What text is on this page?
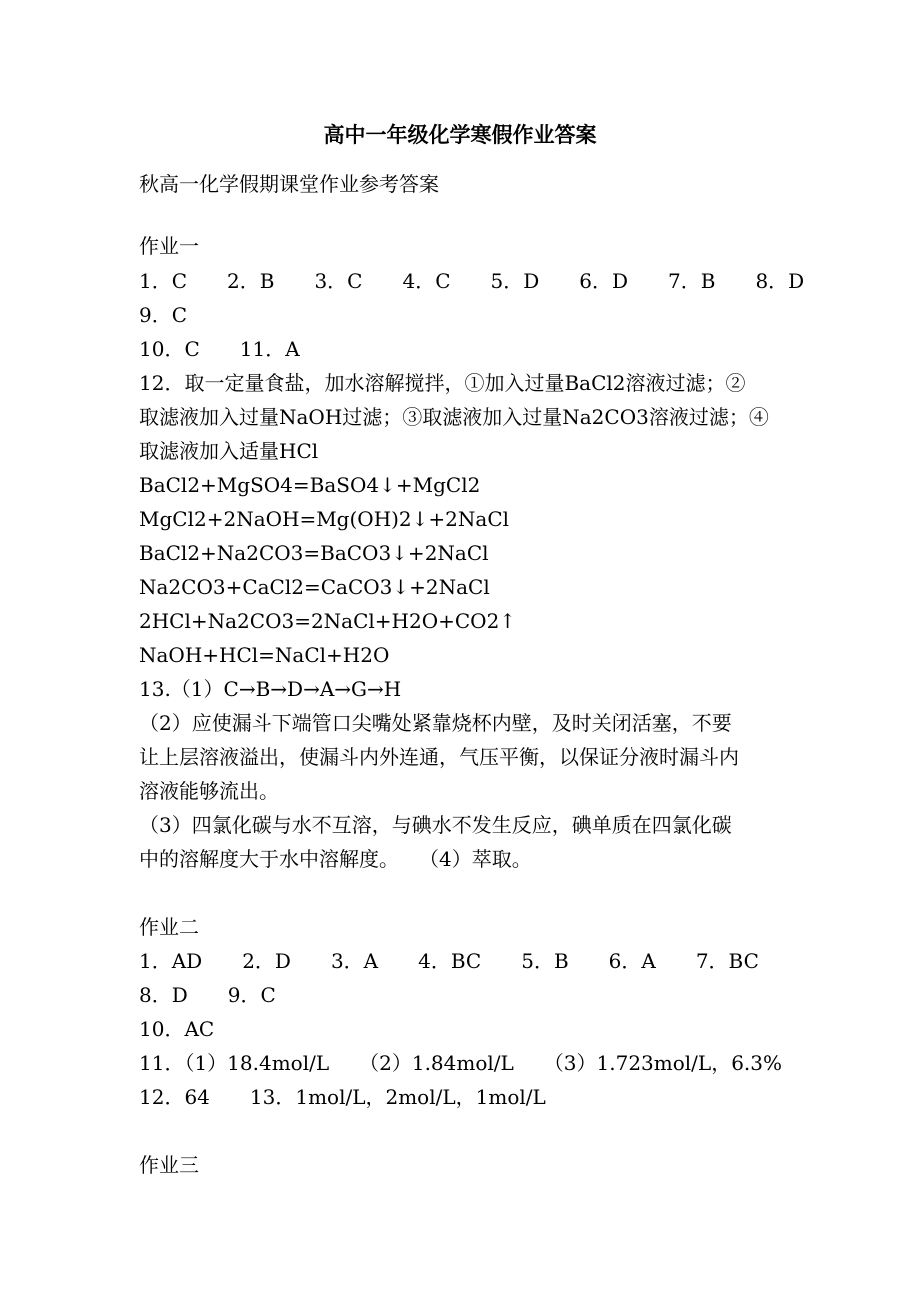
高中一年级化学寒假作业答案
秋高一化学假期课堂作业参考答案
作业一
1．C　　2．B　　3．C　　4．C　　5．D　　6．D　　7．B　　8．D
9．C
10．C　　11．A
12．取一定量食盐，加水溶解搅拌，①加入过量BaCl2溶液过滤；②
取滤液加入过量NaOH过滤；③取滤液加入过量Na2CO3溶液过滤；④
取滤液加入适量HCl
BaCl2+MgSO4=BaSO4↓+MgCl2
MgCl2+2NaOH=Mg(OH)2↓+2NaCl
BaCl2+Na2CO3=BaCO3↓+2NaCl
Na2CO3+CaCl2=CaCO3↓+2NaCl
2HCl+Na2CO3=2NaCl+H2O+CO2↑
NaOH+HCl=NaCl+H2O
13.（1）C→B→D→A→G→H
（2）应使漏斗下端管口尖嘴处紧靠烧杯内壁，及时关闭活塞，不要
让上层溶液溢出，使漏斗内外连通，气压平衡，以保证分液时漏斗内
溶液能够流出。
（3）四氯化碳与水不互溶，与碘水不发生反应，碘单质在四氯化碳
中的溶解度大于水中溶解度。　　（4）萃取。
作业二
1．AD　　2．D　　3．A　　4．BC　　5．B　　6．A　　7．BC
8．D　　9．C
10．AC
11．（1）18.4mol/L　　（2）1.84mol/L　　（3）1.723mol/L，6.3%
12．64　　13．1mol/L，2mol/L，1mol/L
作业三
